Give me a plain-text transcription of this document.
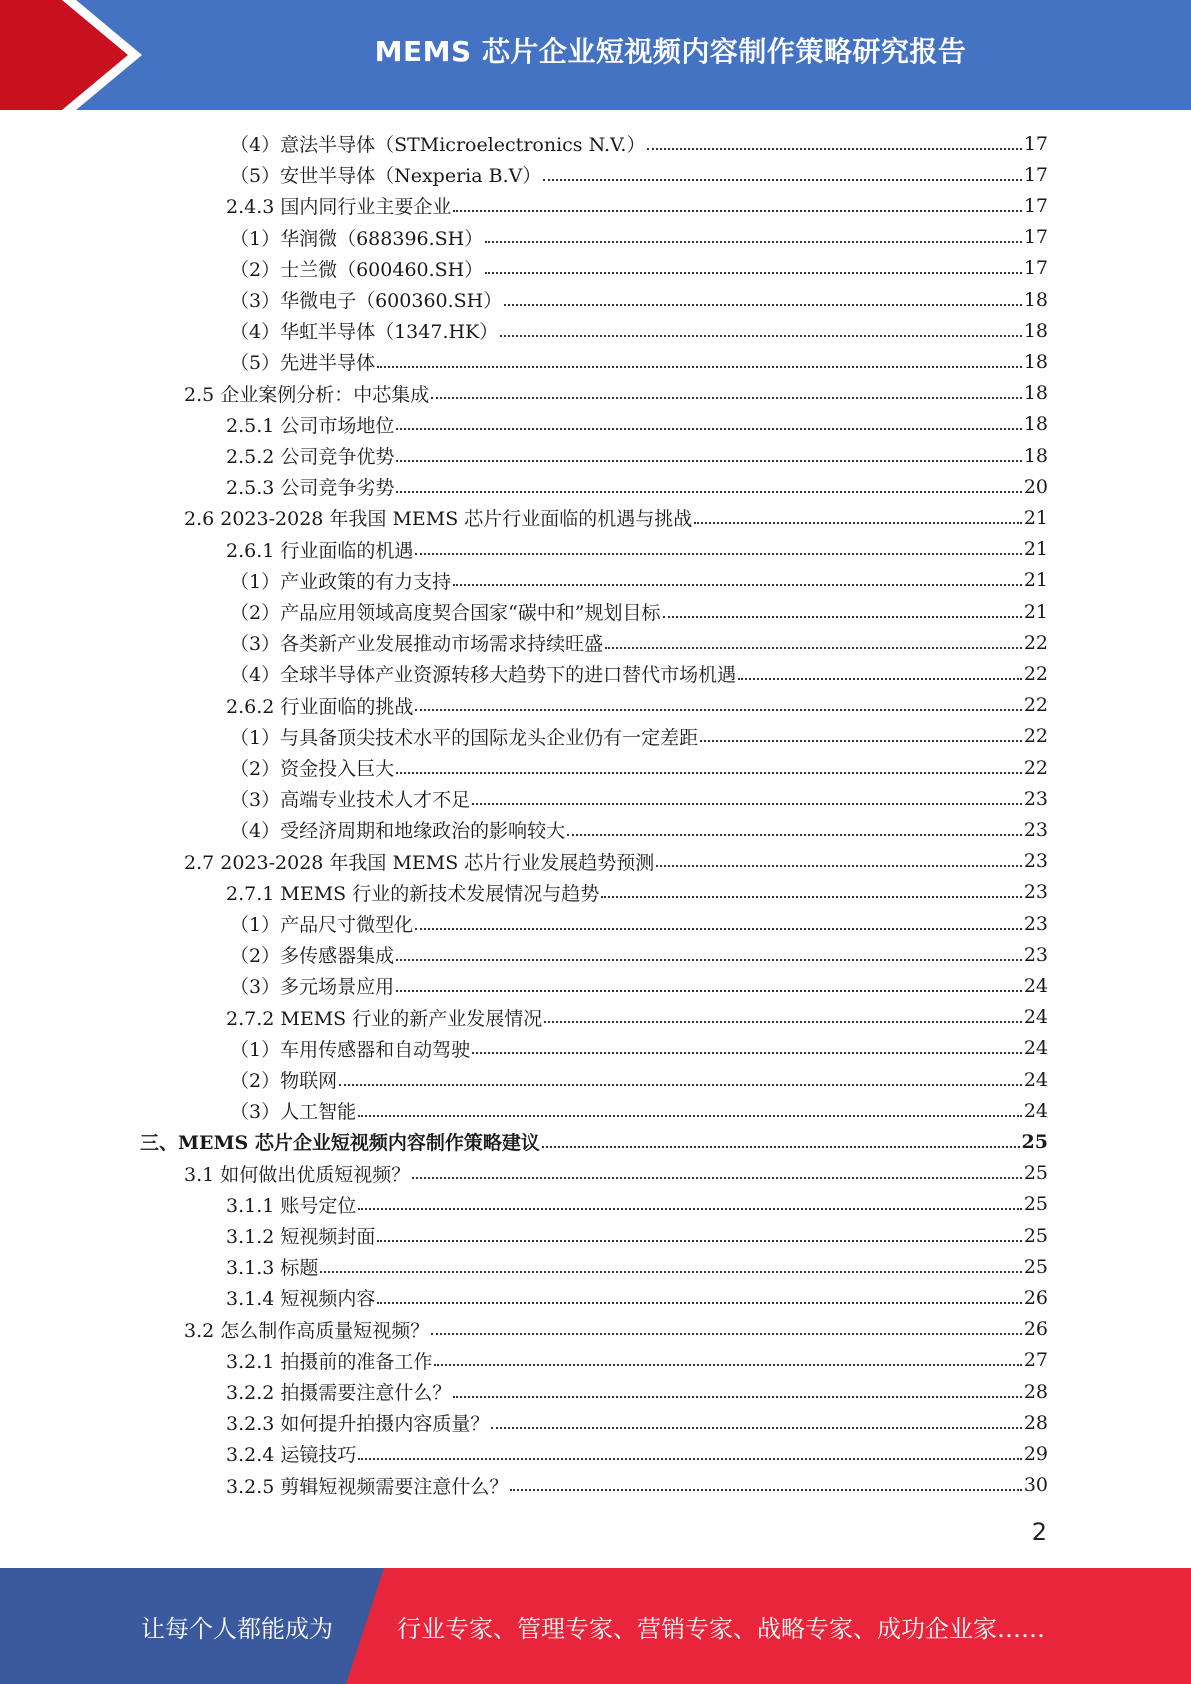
MEMS 芯片企业短视频内容制作策略研究报告
（4）意法半导体（STMicroelectronics N.V.）	17
（5）安世半导体（Nexperia B.V）	17
2.4.3 国内同行业主要企业	17
（1）华润微（688396.SH）	17
（2）士兰微（600460.SH）	17
（3）华微电子（600360.SH）	18
（4）华虹半导体（1347.HK）	18
（5）先进半导体	18
2.5 企业案例分析：中芯集成	18
2.5.1 公司市场地位	18
2.5.2 公司竞争优势	18
2.5.3 公司竞争劣势	20
2.6 2023-2028 年我国 MEMS 芯片行业面临的机遇与挑战	21
2.6.1 行业面临的机遇	21
（1）产业政策的有力支持	21
（2）产品应用领域高度契合国家“碳中和”规划目标	21
（3）各类新产业发展推动市场需求持续旺盛	22
（4）全球半导体产业资源转移大趋势下的进口替代市场机遇	22
2.6.2 行业面临的挑战	22
（1）与具备顶尖技术水平的国际龙头企业仍有一定差距	22
（2）资金投入巨大	22
（3）高端专业技术人才不足	23
（4）受经济周期和地缘政治的影响较大	23
2.7 2023-2028 年我国 MEMS 芯片行业发展趋势预测	23
2.7.1 MEMS 行业的新技术发展情况与趋势	23
（1）产品尺寸微型化	23
（2）多传感器集成	23
（3）多元场景应用	24
2.7.2 MEMS 行业的新产业发展情况	24
（1）车用传感器和自动驾驶	24
（2）物联网	24
（3）人工智能	24
三、MEMS 芯片企业短视频内容制作策略建议	25
3.1 如何做出优质短视频？	25
3.1.1 账号定位	25
3.1.2 短视频封面	25
3.1.3 标题	25
3.1.4 短视频内容	26
3.2 怎么制作高质量短视频？	26
3.2.1 拍摄前的准备工作	27
3.2.2 拍摄需要注意什么？	28
3.2.3 如何提升拍摄内容质量？	28
3.2.4 运镜技巧	29
3.2.5 剪辑短视频需要注意什么？	30
2
让每个人都能成为	行业专家、管理专家、营销专家、战略专家、成功企业家……
